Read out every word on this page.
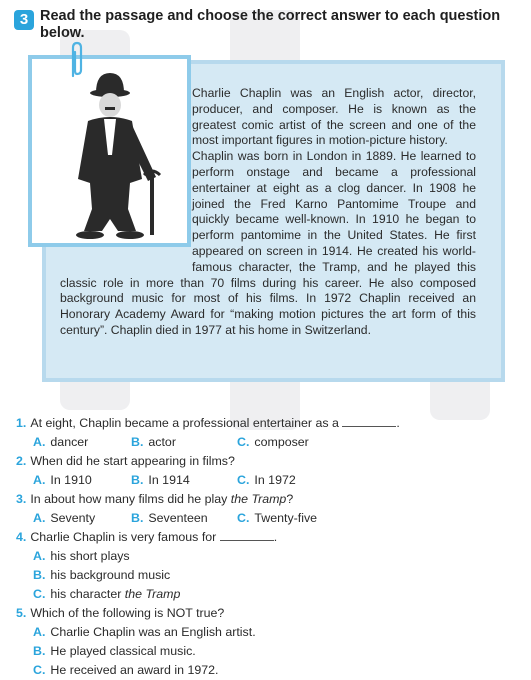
3 Read the passage and choose the correct answer to each question below.

Charlie Chaplin was an English actor, director, producer, and composer. He is known as the greatest comic artist of the screen and one of the most important figures in motion-picture history.

Chaplin was born in London in 1889. He learned to perform onstage and became a professional entertainer at eight as a clog dancer. In 1908 he joined the Fred Karno Pantomime Troupe and quickly became well-known. In 1910 he began to perform pantomime in the United States. He first appeared on screen in 1914. He created his world-famous character, the Tramp, and he played this classic role in more than 70 films during his career. He also composed background music for most of his films. In 1972 Chaplin received an Honorary Academy Award for “making motion pictures the art form of this century”. Chaplin died in 1977 at his home in Switzerland.

1. At eight, Chaplin became a professional entertainer as a	.
A. dancer	B. actor	C. composer
2. When did he start appearing in films?
A. In 1910	B. In 1914	C. In 1972
3. In about how many films did he play the Tramp?
A. Seventy	B. Seventeen	C. Twenty-five
4. Charlie Chaplin is very famous for	.
A. his short plays
B. his background music
C. his character the Tramp
5. Which of the following is NOT true?
A. Charlie Chaplin was an English artist.
B. He played classical music.
C. He received an award in 1972.
